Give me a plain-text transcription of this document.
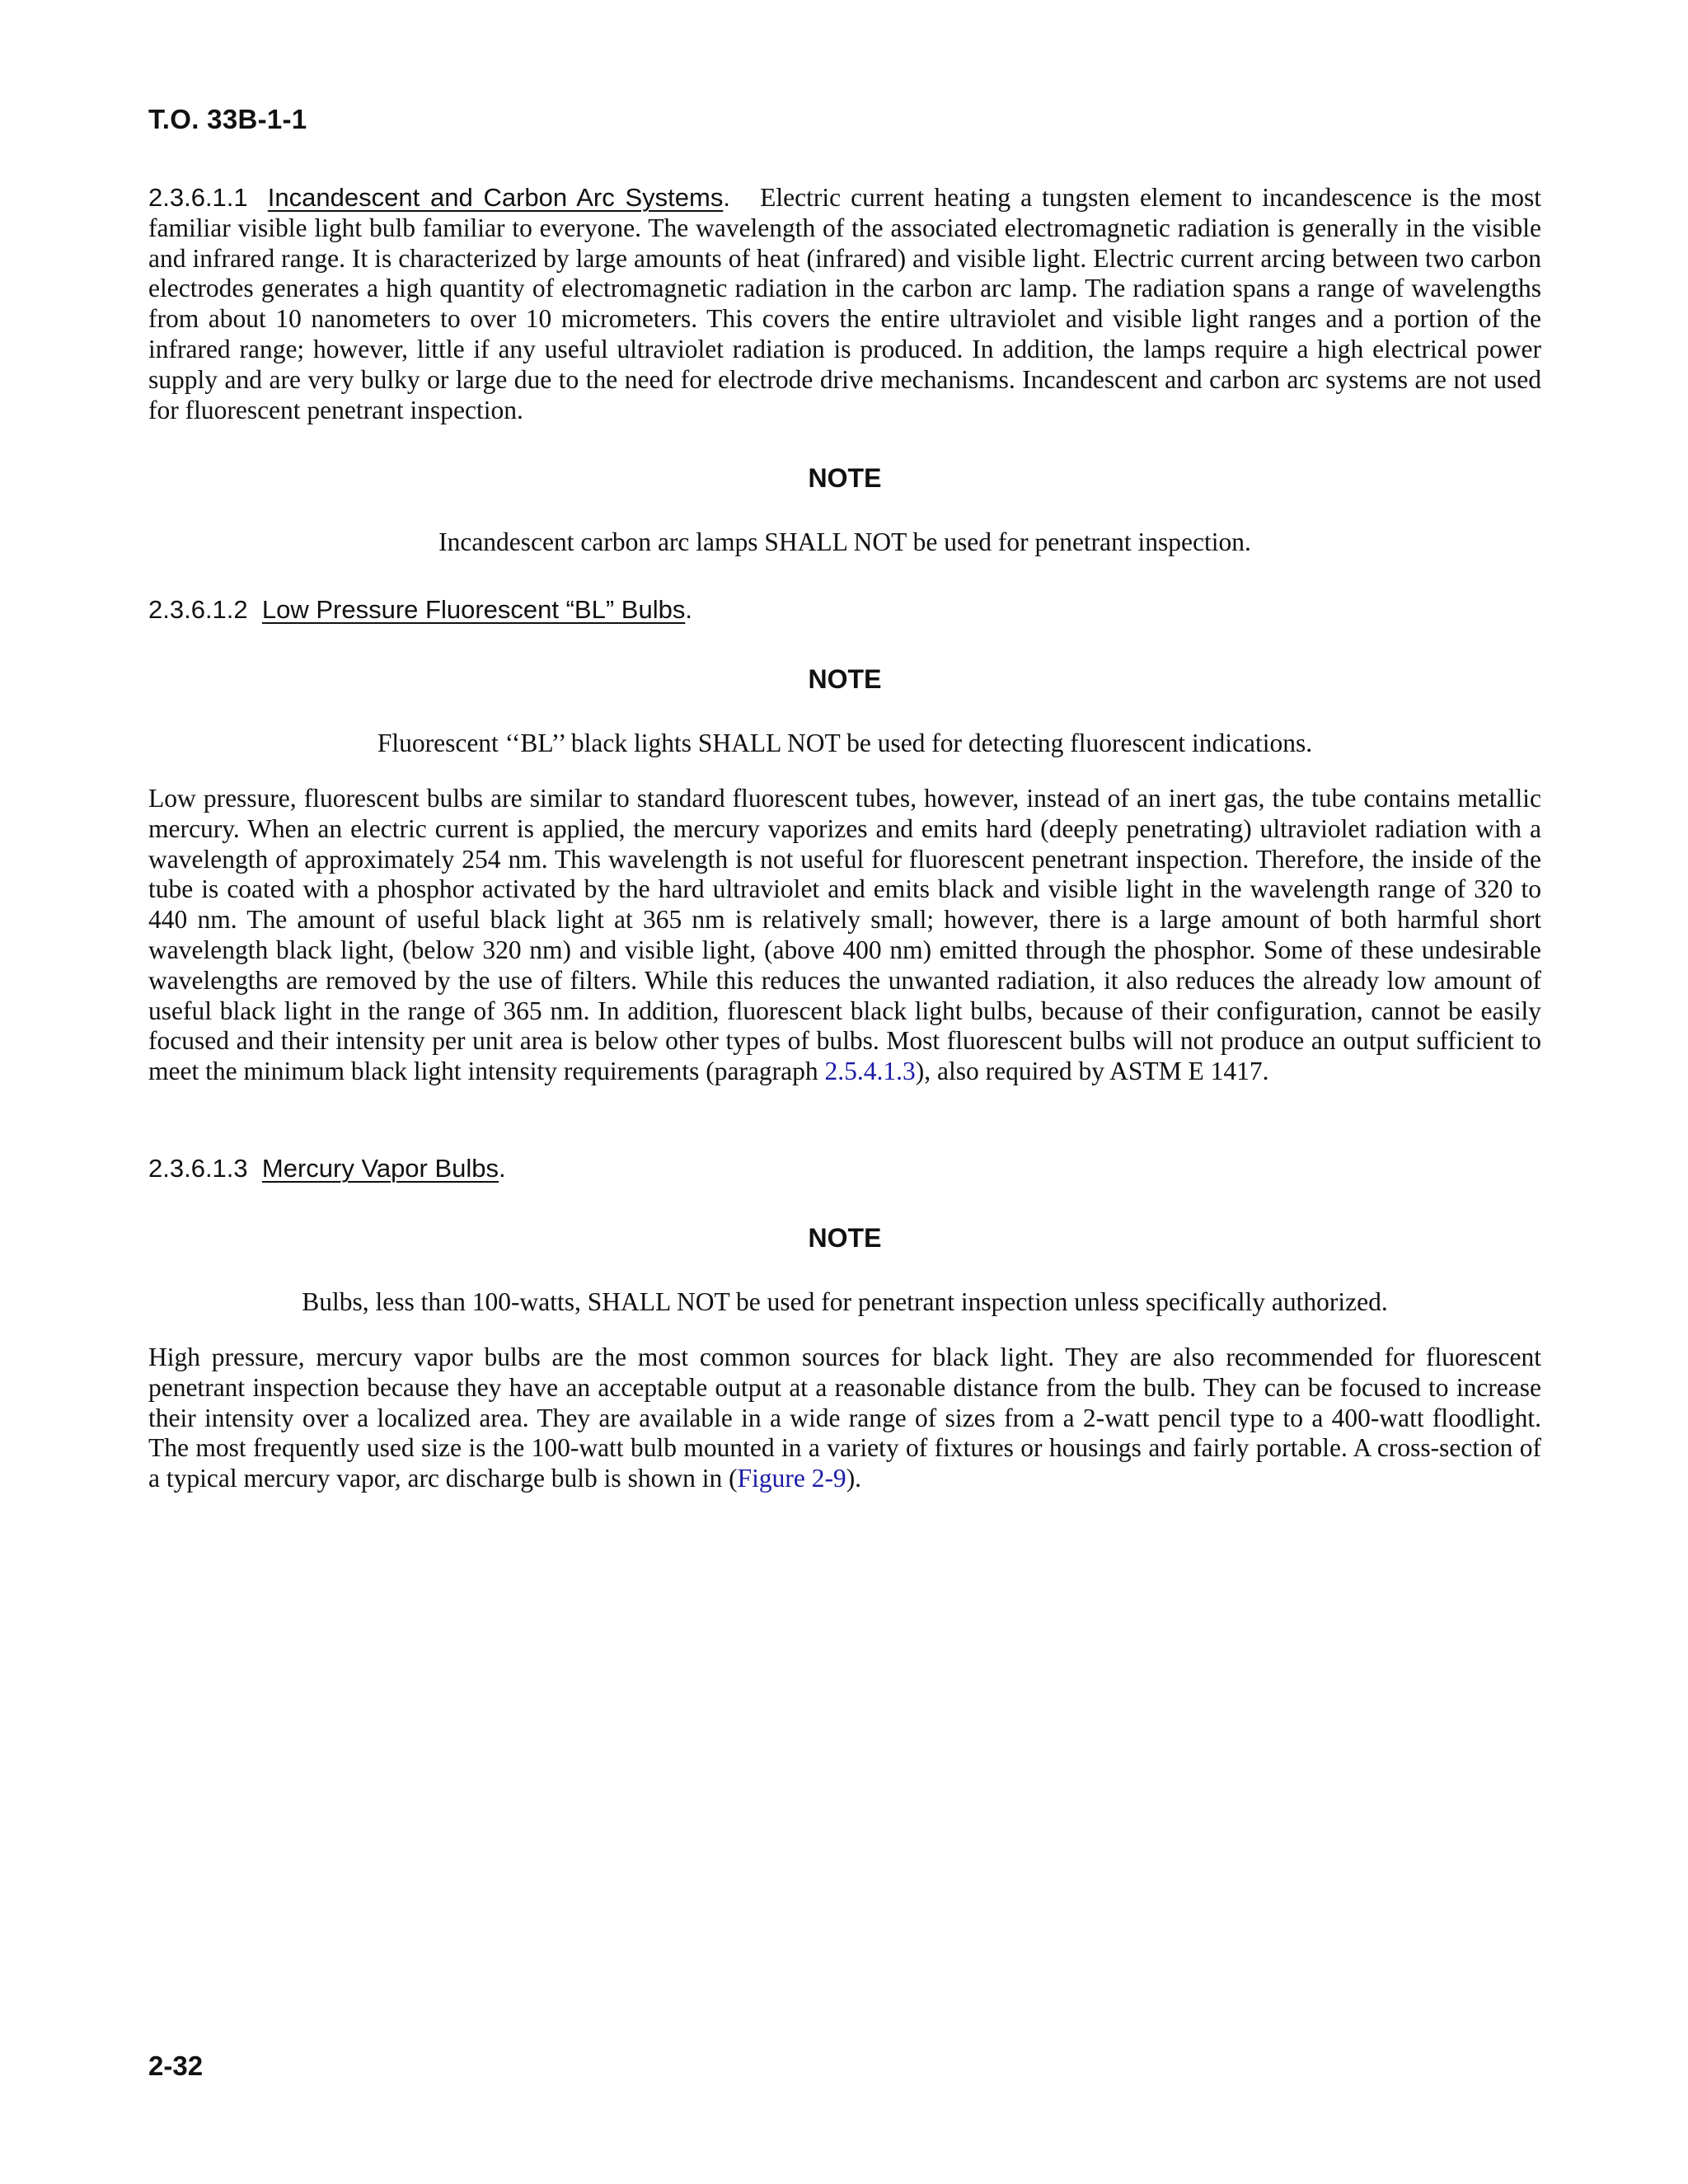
T.O. 33B-1-1

2.3.6.1.1 Incandescent and Carbon Arc Systems. Electric current heating a tungsten element to incandescence is the most familiar visible light bulb familiar to everyone. The wavelength of the associated electromagnetic radiation is generally in the visible and infrared range. It is characterized by large amounts of heat (infrared) and visible light. Electric current arcing between two carbon electrodes generates a high quantity of electromagnetic radiation in the carbon arc lamp. The radiation spans a range of wavelengths from about 10 nanometers to over 10 micrometers. This covers the entire ultraviolet and visible light ranges and a portion of the infrared range; however, little if any useful ultraviolet radiation is produced. In addition, the lamps require a high electrical power supply and are very bulky or large due to the need for electrode drive mechanisms. Incandescent and carbon arc systems are not used for fluorescent penetrant inspection.

NOTE
Incandescent carbon arc lamps SHALL NOT be used for penetrant inspection.
2.3.6.1.2 Low Pressure Fluorescent “BL” Bulbs.
NOTE
Fluorescent ‘‘BL’’ black lights SHALL NOT be used for detecting fluorescent indications.

Low pressure, fluorescent bulbs are similar to standard fluorescent tubes, however, instead of an inert gas, the tube contains metallic mercury. When an electric current is applied, the mercury vaporizes and emits hard (deeply penetrating) ultraviolet radiation with a wavelength of approximately 254 nm. This wavelength is not useful for fluorescent penetrant inspection. Therefore, the inside of the tube is coated with a phosphor activated by the hard ultraviolet and emits black and visible light in the wavelength range of 320 to 440 nm. The amount of useful black light at 365 nm is relatively small; however, there is a large amount of both harmful short wavelength black light, (below 320 nm) and visible light, (above 400 nm) emitted through the phosphor. Some of these undesirable wavelengths are removed by the use of filters. While this reduces the unwanted radiation, it also reduces the already low amount of useful black light in the range of 365 nm. In addition, fluorescent black light bulbs, because of their configuration, cannot be easily focused and their intensity per unit area is below other types of bulbs. Most fluorescent bulbs will not produce an output sufficient to meet the minimum black light intensity requirements (paragraph 2.5.4.1.3), also required by ASTM E 1417.

2.3.6.1.3 Mercury Vapor Bulbs.
NOTE
Bulbs, less than 100-watts, SHALL NOT be used for penetrant inspection unless specifically authorized.

High pressure, mercury vapor bulbs are the most common sources for black light. They are also recommended for fluorescent penetrant inspection because they have an acceptable output at a reasonable distance from the bulb. They can be focused to increase their intensity over a localized area. They are available in a wide range of sizes from a 2-watt pencil type to a 400-watt floodlight. The most frequently used size is the 100-watt bulb mounted in a variety of fixtures or housings and fairly portable. A cross-section of a typical mercury vapor, arc discharge bulb is shown in (Figure 2-9).

2-32
